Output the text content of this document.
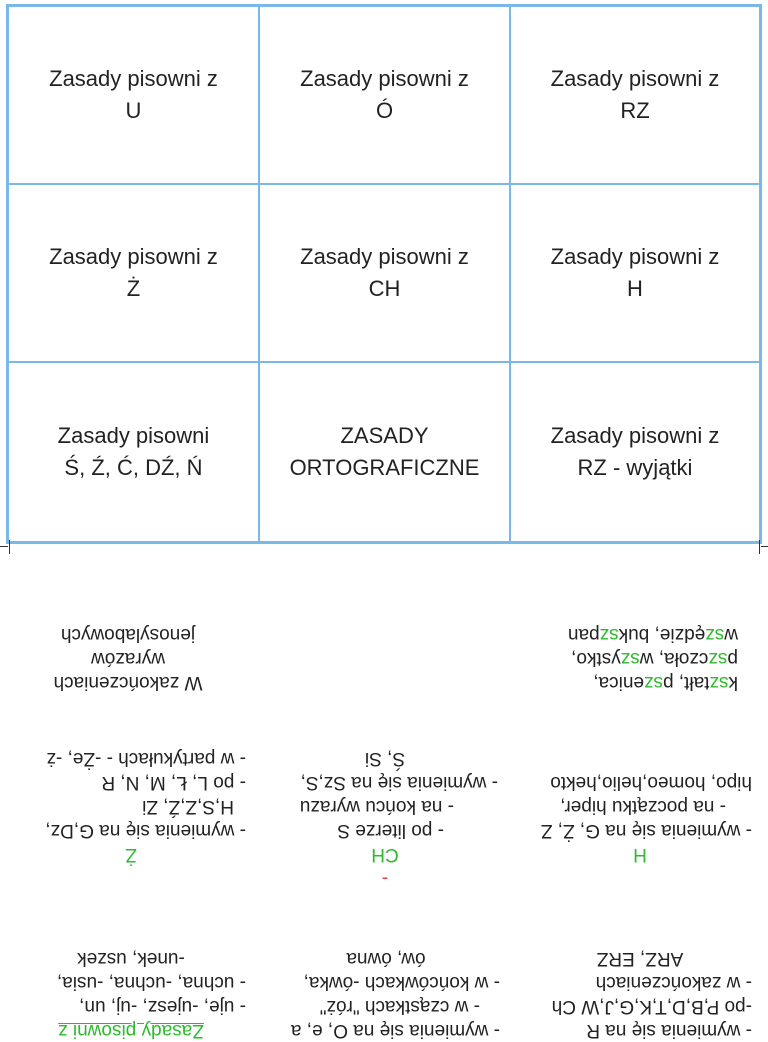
Zasady pisowni z
U
Zasady pisowni z
Ó
Zasady pisowni z
RZ
Zasady pisowni z
Ż
Zasady pisowni z
CH
Zasady pisowni z
H
Zasady pisowni
Ś, Ź, Ć, DŹ, Ń
ZASADY
ORTOGRAFICZNE
Zasady pisowni z
RZ - wyjątki
- wymienia się na R
-po P,B,D,T,K,G,J,W Ch
- w zakończeniach
ARZ, ERZ
H
- wymienia się na G, Ż, Z
- na początku hiper,
hipo, homeo,helio,hekto
kształt, pszenica,
pszczoła, wszystko,
wszędzie, bukszpan
- wymienia się na O, e, a
- w cząstkach "róż"
- w końcówkach -ówka,
ów, ówna
-
CH
- po literze S
- na końcu wyrazu
- wymienia się na Sz,S,
Ś, Si
Zasady pisowni z
- uje, -ujesz, -uj, un,
- uchna, -uchna, -usia,
-unek, uszek
Ż
- wymienia się na G,Dz,
H,S,Z,Ź, Zi
- po L, Ł, M, N, R
- w partykułach - -Że, -ż
W zakończeniach
wyrazów
jenosylabowych
